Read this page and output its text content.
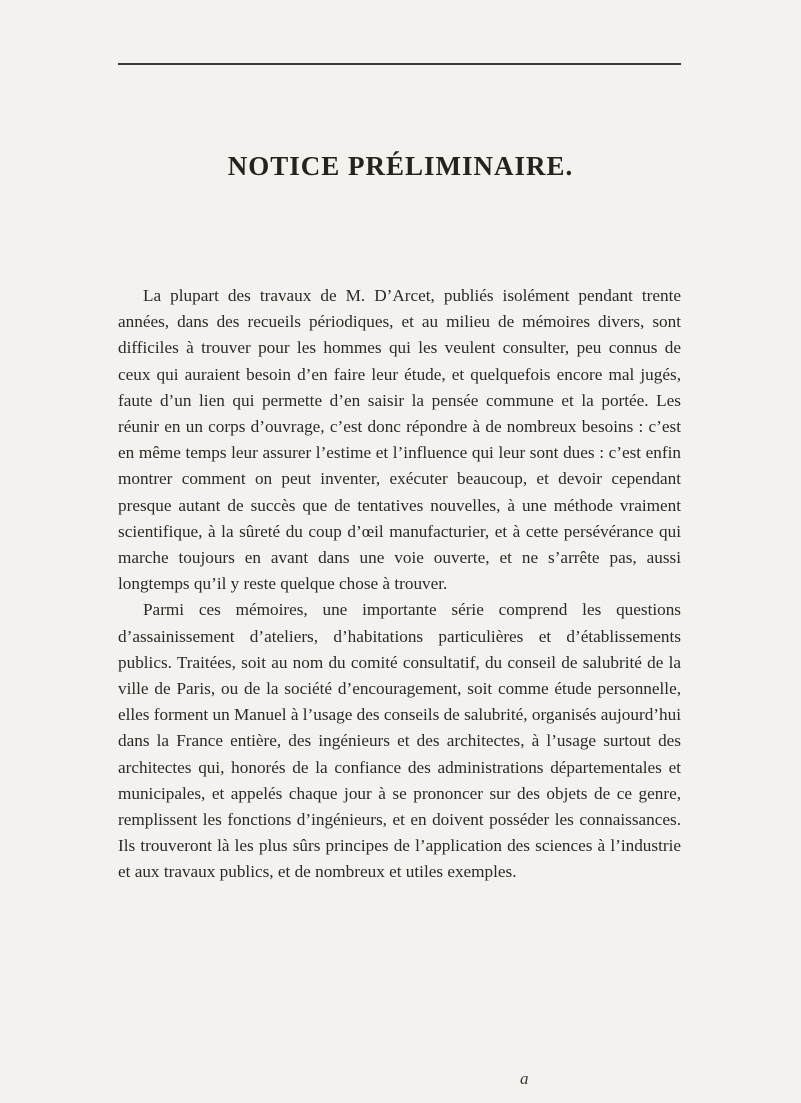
NOTICE PRÉLIMINAIRE.

La plupart des travaux de M. D’Arcet, publiés isolément pendant trente années, dans des recueils périodiques, et au milieu de mémoires divers, sont difficiles à trouver pour les hommes qui les veulent consulter, peu connus de ceux qui auraient besoin d’en faire leur étude, et quelquefois encore mal jugés, faute d’un lien qui permette d’en saisir la pensée commune et la portée. Les réunir en un corps d’ouvrage, c’est donc répondre à de nombreux besoins : c’est en même temps leur assurer l’estime et l’influence qui leur sont dues : c’est enfin montrer comment on peut inventer, exécuter beaucoup, et devoir cependant presque autant de succès que de tentatives nouvelles, à une méthode vraiment scientifique, à la sûreté du coup d’œil manufacturier, et à cette persévérance qui marche toujours en avant dans une voie ouverte, et ne s’arrête pas, aussi longtemps qu’il y reste quelque chose à trouver.

Parmi ces mémoires, une importante série comprend les questions d’assainissement d’ateliers, d’habitations particulières et d’établissements publics. Traitées, soit au nom du comité consultatif, du conseil de salubrité de la ville de Paris, ou de la société d’encouragement, soit comme étude personnelle, elles forment un Manuel à l’usage des conseils de salubrité, organisés aujourd’hui dans la France entière, des ingénieurs et des architectes, à l’usage surtout des architectes qui, honorés de la confiance des administrations départementales et municipales, et appelés chaque jour à se prononcer sur des objets de ce genre, remplissent les fonctions d’ingénieurs, et en doivent posséder les connaissances. Ils trouveront là les plus sûrs principes de l’application des sciences à l’industrie et aux travaux publics, et de nombreux et utiles exemples.

a
